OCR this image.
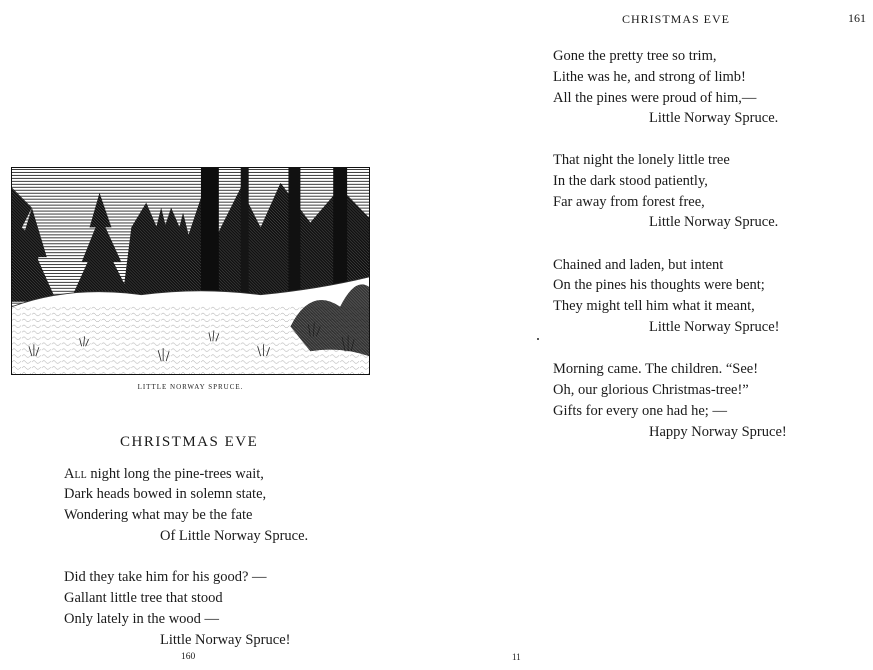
LITTLE NORWAY SPRUCE.
CHRISTMAS EVE
All night long the pine-trees wait,
Dark heads bowed in solemn state,
Wondering what may be the fate
Of Little Norway Spruce.
Did they take him for his good? —
Gallant little tree that stood
Only lately in the wood —
Little Norway Spruce!
160	11
CHRISTMAS EVE	161
Gone the pretty tree so trim,
Lithe was he, and strong of limb!
All the pines were proud of him,—
Little Norway Spruce.
That night the lonely little tree
In the dark stood patiently,
Far away from forest free,
Little Norway Spruce.
Chained and laden, but intent
On the pines his thoughts were bent;
They might tell him what it meant,
Little Norway Spruce!
Morning came. The children. “See!
Oh, our glorious Christmas-tree!”
Gifts for every one had he; —
Happy Norway Spruce!
